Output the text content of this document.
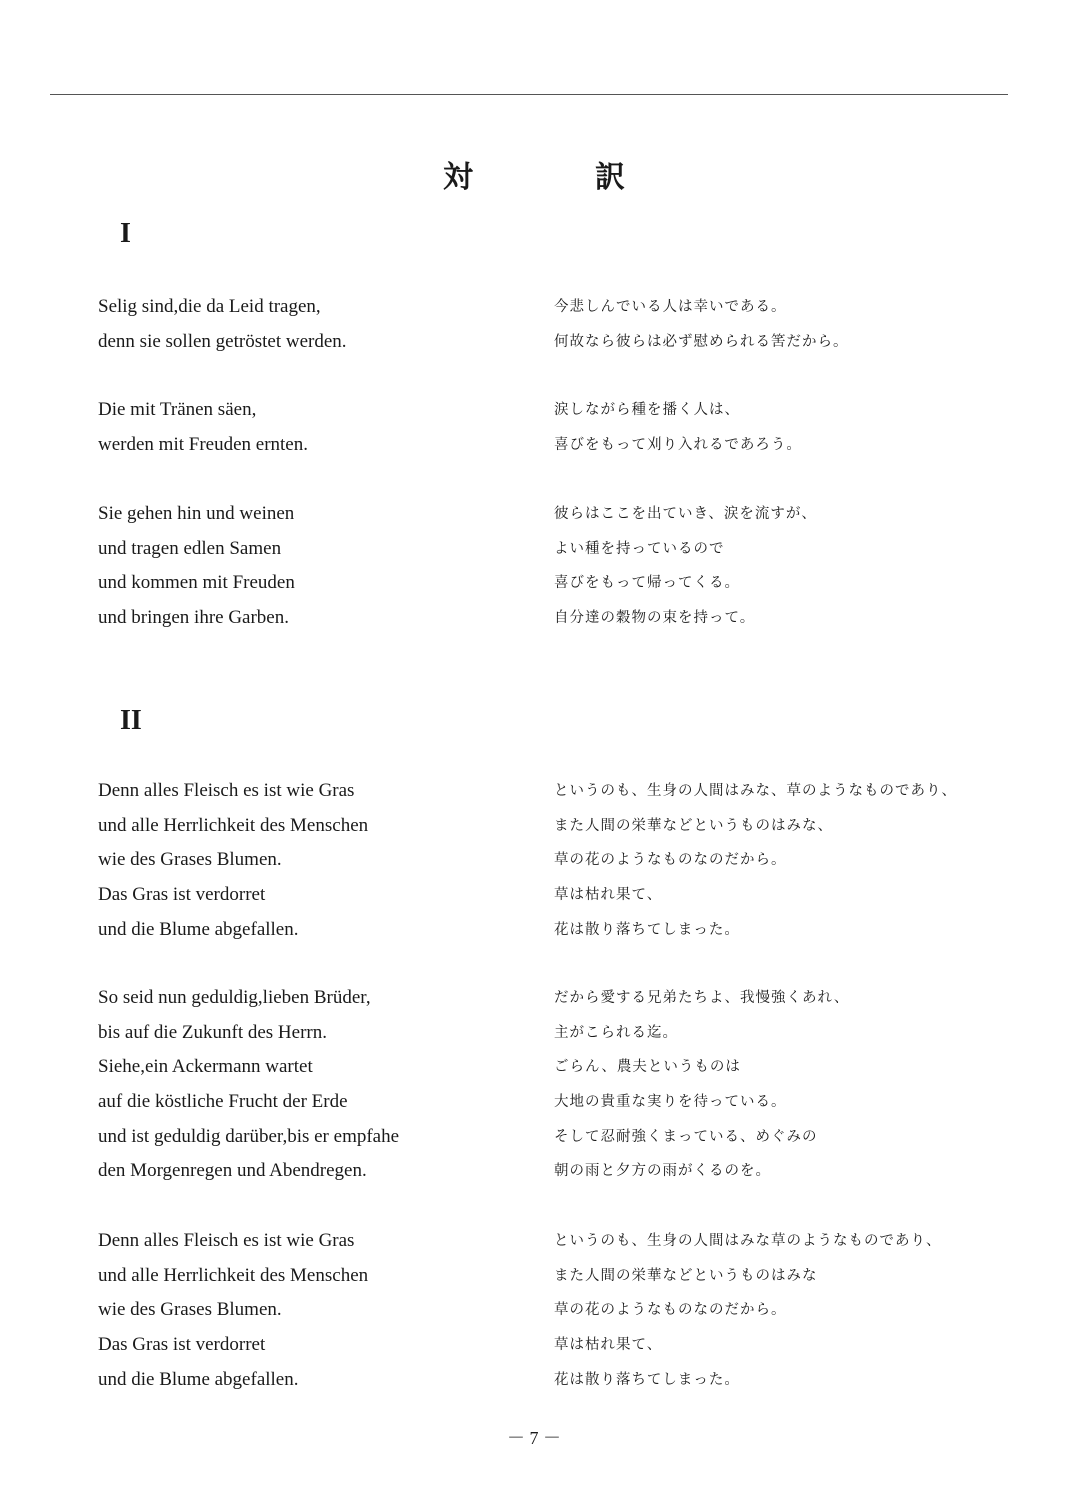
対　訳
I
II
Selig sind,die da Leid tragen,
denn sie sollen getröstet werden.
今悲しんでいる人は幸いである。
何故なら彼らは必ず慰められる筈だから。
Die mit Tränen säen,
werden mit Freuden ernten.
涙しながら種を播く人は、
喜びをもって刈り入れるであろう。
Sie gehen hin und weinen
und tragen edlen Samen
und kommen mit Freuden
und bringen ihre Garben.
彼らはここを出ていき、涙を流すが、
よい種を持っているので
喜びをもって帰ってくる。
自分達の穀物の束を持って。
Denn alles Fleisch es ist wie Gras
und alle Herrlichkeit des Menschen
wie des Grases Blumen.
Das Gras ist verdorret
und die Blume abgefallen.
というのも、生身の人間はみな、草のようなものであり、
また人間の栄華などというものはみな、
草の花のようなものなのだから。
草は枯れ果て、
花は散り落ちてしまった。
So seid nun geduldig,lieben Brüder,
bis auf die Zukunft des Herrn.
Siehe,ein Ackermann wartet
auf die köstliche Frucht der Erde
und ist geduldig darüber,bis er empfahe
den Morgenregen und Abendregen.
だから愛する兄弟たちよ、我慢強くあれ、
主がこられる迄。
ごらん、農夫というものは
大地の貴重な実りを待っている。
そして忍耐強くまっている、めぐみの
朝の雨と夕方の雨がくるのを。
Denn alles Fleisch es ist wie Gras
und alle Herrlichkeit des Menschen
wie des Grases Blumen.
Das Gras ist verdorret
und die Blume abgefallen.
というのも、生身の人間はみな草のようなものであり、
また人間の栄華などというものはみな
草の花のようなものなのだから。
草は枯れ果て、
花は散り落ちてしまった。
－ 7 －
